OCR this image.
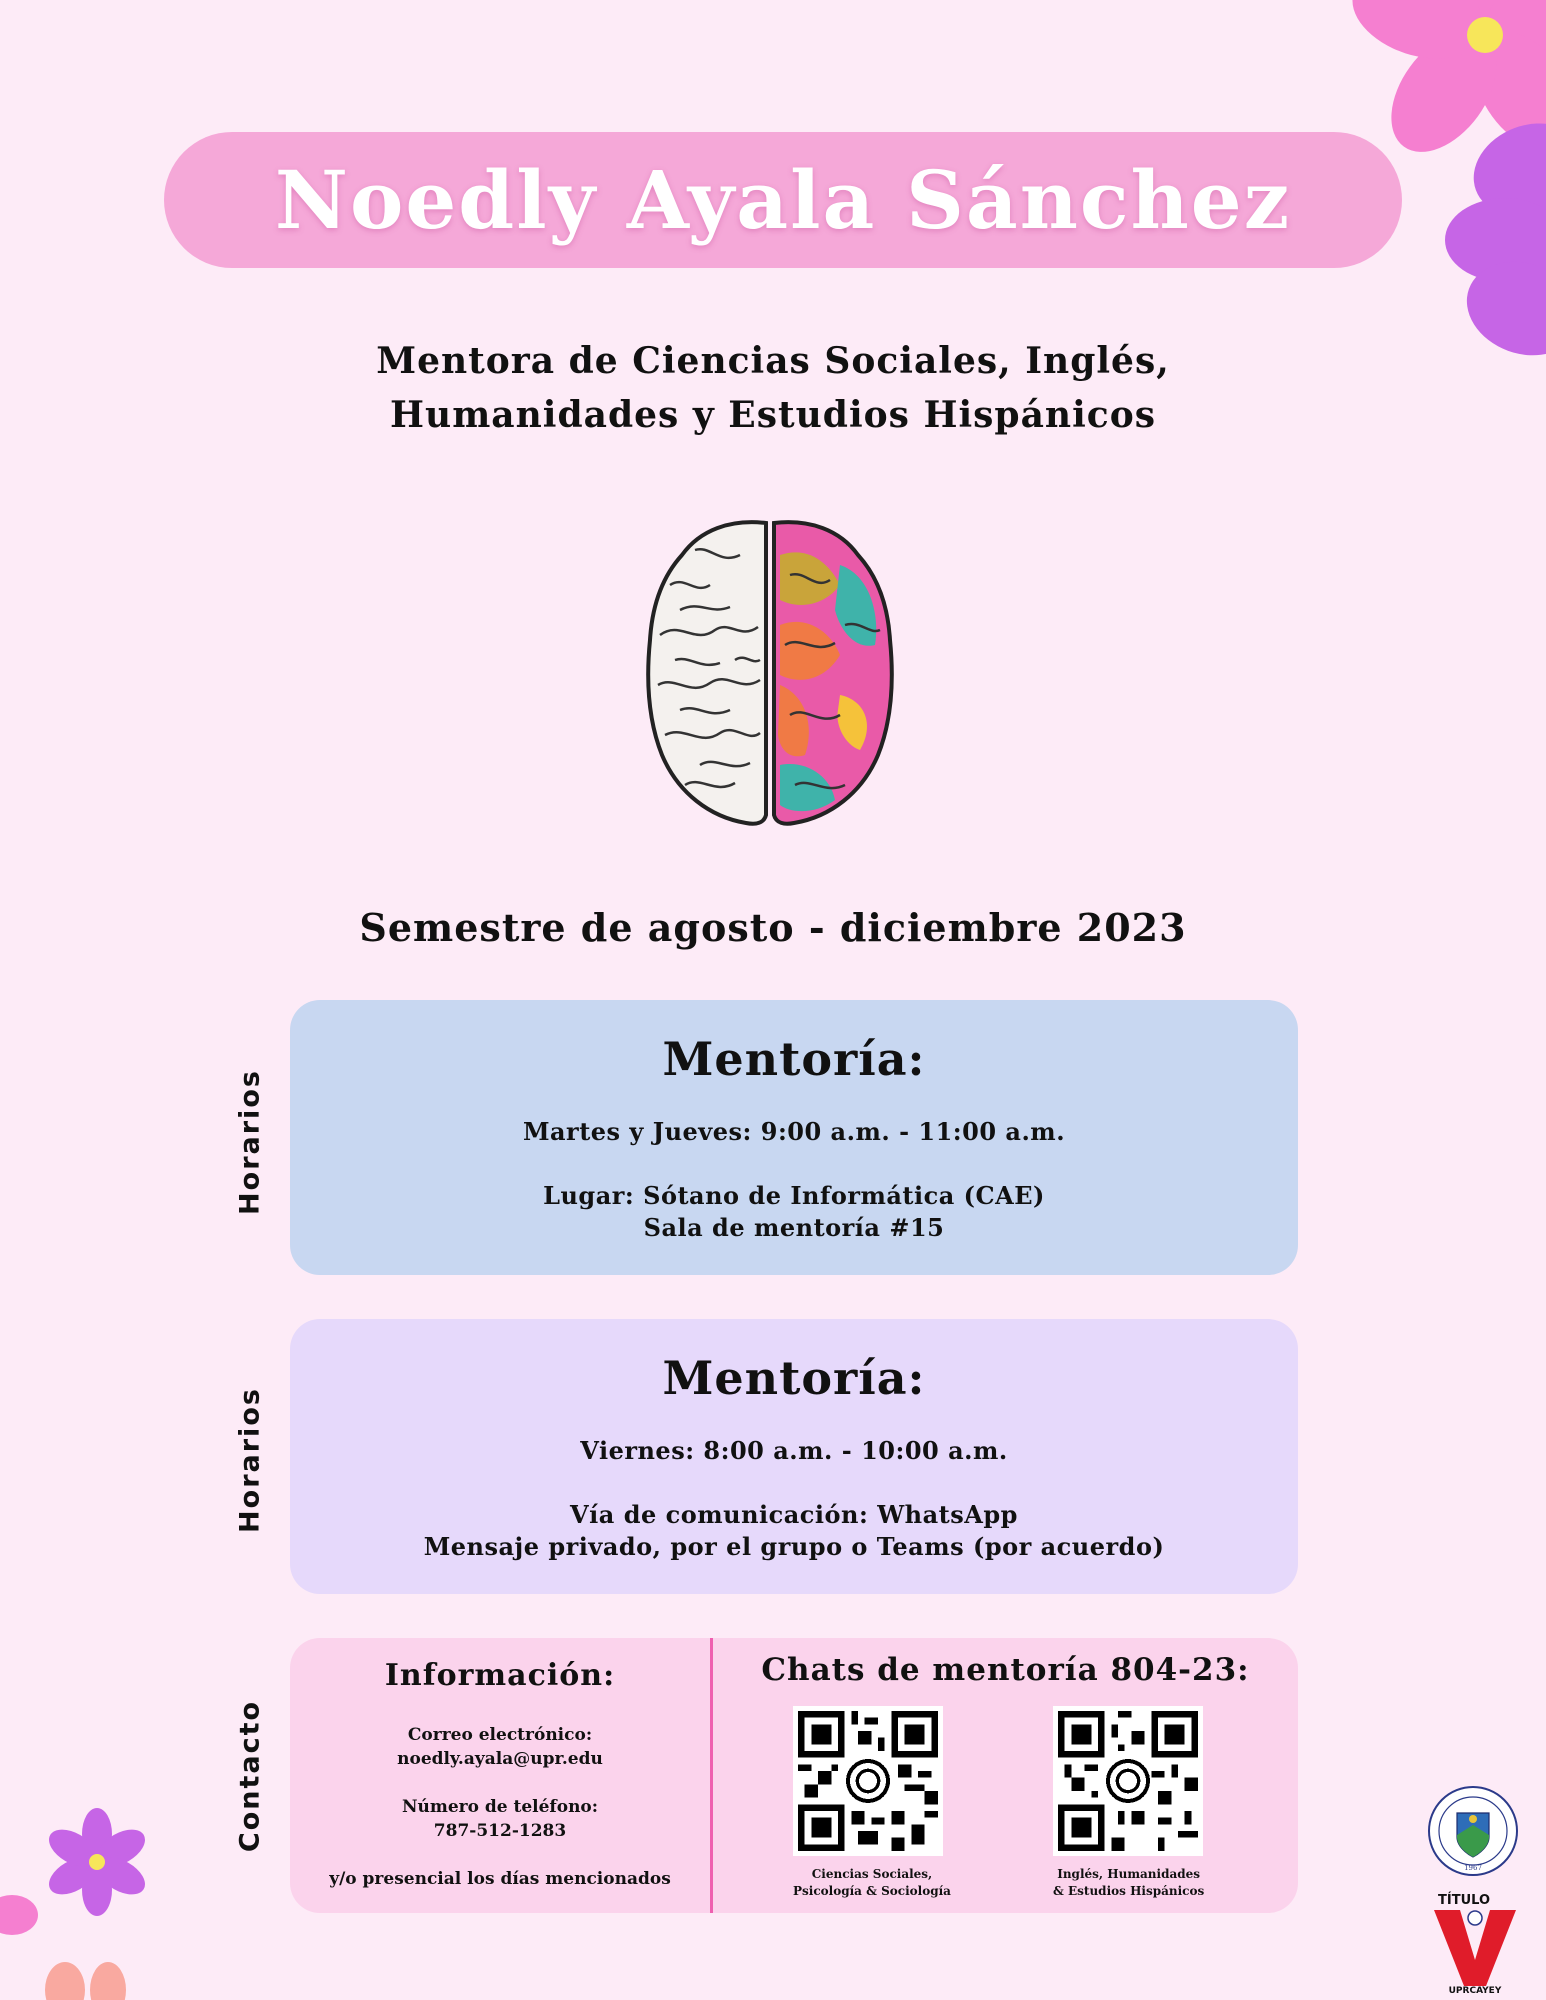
Noedly Ayala Sánchez
Mentora de Ciencias Sociales, Inglés,
Humanidades y Estudios Hispánicos
Semestre de agosto - diciembre 2023
Horarios
Horarios
Contacto
Mentoría:
Martes y Jueves: 9:00 a.m. - 11:00 a.m.
Lugar: Sótano de Informática (CAE)
Sala de mentoría #15
Mentoría:
Viernes: 8:00 a.m. - 10:00 a.m.
Vía de comunicación: WhatsApp
Mensaje privado, por el grupo o Teams (por acuerdo)
Información:
Correo electrónico:
noedly.ayala@upr.edu
Número de teléfono:
787-512-1283
y/o presencial los días mencionados
Chats de mentoría 804-23:
Ciencias Sociales,
Psicología & Sociología
Inglés, Humanidades
& Estudios Hispánicos
1967
TÍTULO
UPRCAYEY
